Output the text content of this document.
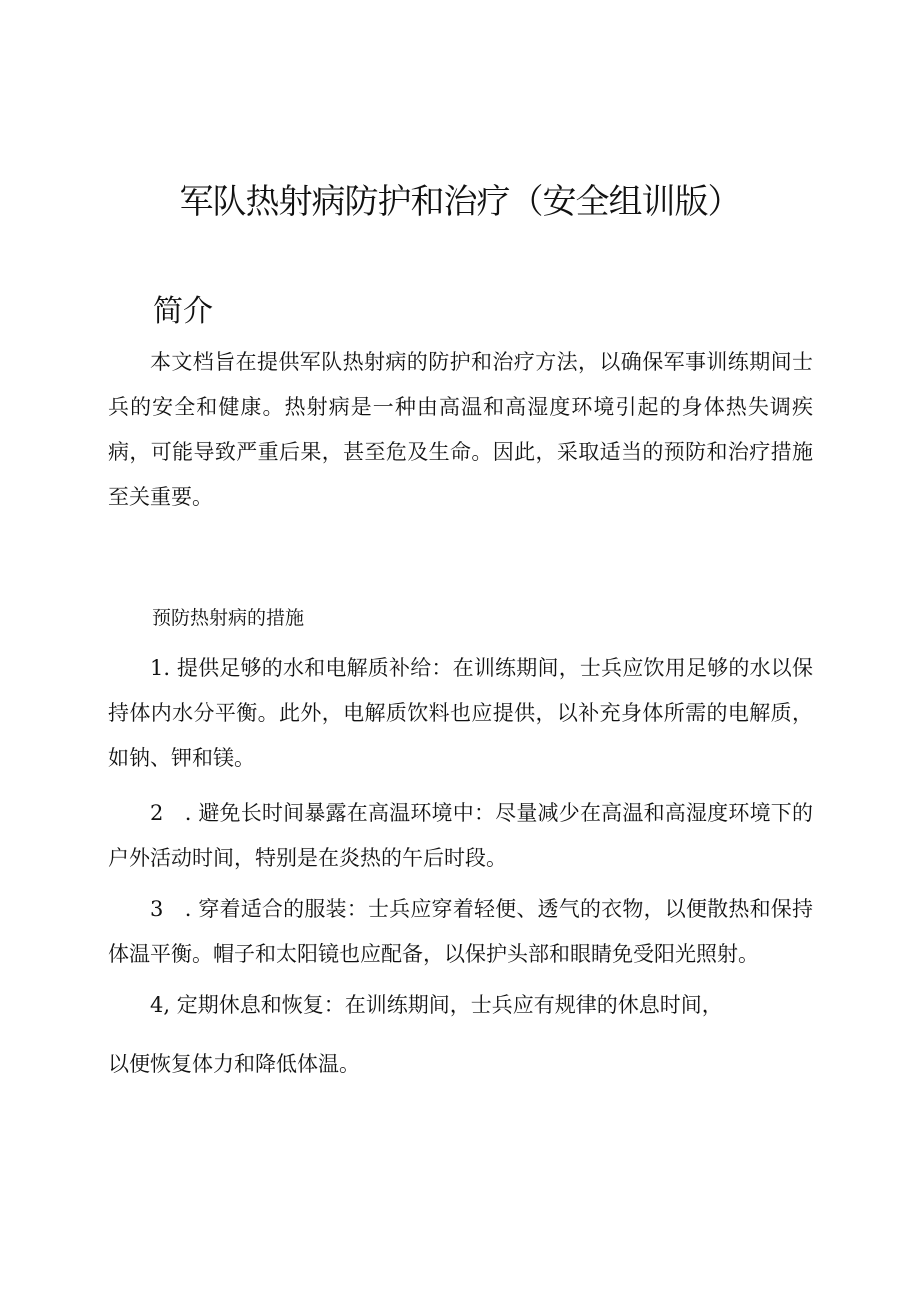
军队热射病防护和治疗（安全组训版）
简介

本文档旨在提供军队热射病的防护和治疗方法，以确保军事训练期间士兵的安全和健康。热射病是一种由高温和高湿度环境引起的身体热失调疾病，可能导致严重后果，甚至危及生命。因此，采取适当的预防和治疗措施至关重要。

预防热射病的措施

1. 提供足够的水和电解质补给：在训练期间，士兵应饮用足够的水以保持体内水分平衡。此外，电解质饮料也应提供，以补充身体所需的电解质，如钠、钾和镁。

2　. 避免长时间暴露在高温环境中：尽量减少在高温和高湿度环境下的户外活动时间，特别是在炎热的午后时段。

3　. 穿着适合的服装：士兵应穿着轻便、透气的衣物，以便散热和保持体温平衡。帽子和太阳镜也应配备，以保护头部和眼睛免受阳光照射。

4, 定期休息和恢复：在训练期间，士兵应有规律的休息时间，

以便恢复体力和降低体温。
